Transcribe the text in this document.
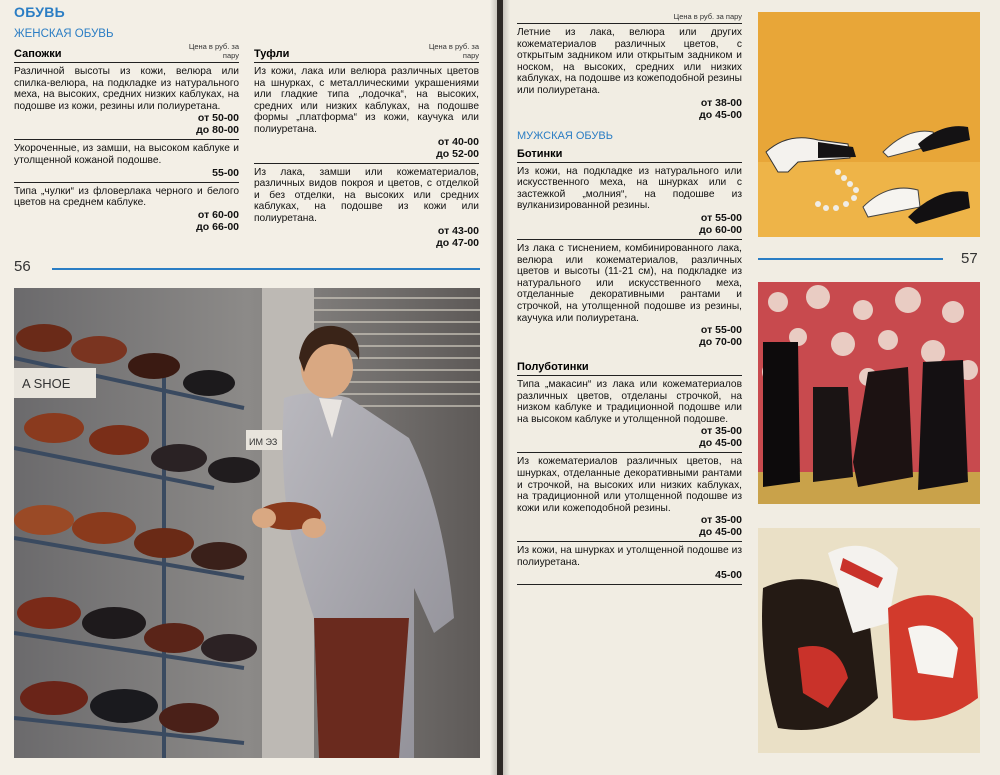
ОБУВЬ
ЖЕНСКАЯ ОБУВЬ
Сапожки
Цена в руб. за пару
Различной высоты из кожи, велюра или спилка-велюра, на подкладке из натурального меха, на высоких, средних низких каблуках, на подошве из кожи, резины или полиуретана.
от 50-00
до 80-00
Укороченные, из замши, на высоком каблуке и утолщенной кожаной подошве.
55-00
Типа „чулки“ из фловерлака черного и белого цветов на среднем каблуке.
от 60-00
до 66-00
Туфли
Цена в руб. за пару
Из кожи, лака или велюра различных цветов на шнурках, с металлическими украшениями или гладкие типа „лодочка“, на высоких, средних или низких каблуках, на подошве формы „платформа“ из кожи, каучука или полиуретана.
от 40-00
до 52-00
Из лака, замши или кожематериалов, различных видов покроя и цветов, с отделкой и без отделки, на высоких или средних каблуках, на подошве из кожи или полиуретана.
от 43-00
до 47-00
56
A SHOE
ИМ ЭЗ
Цена в руб. за пару
Летние из лака, велюра или других кожематериалов различных цветов, с открытым задником или открытым задником и носком, на высоких, средних или низких каблуках, на подошве из кожеподобной резины или полиуретана.
от 38-00
до 45-00
МУЖСКАЯ ОБУВЬ
Ботинки
Из кожи, на подкладке из натурального или искусственного меха, на шнурках или с застежкой „молния“, на подошве из вулканизированной резины.
от 55-00
до 60-00
Из лака с тиснением, комбинированного лака, велюра или кожематериалов, различных цветов и высоты (11-21 см), на подкладке из натурального или искусственного меха, отделанные декоративными рантами и строчкой, на утолщенной подошве из резины, каучука или полиуретана.
от 55-00
до 70-00
Полуботинки
Типа „макасин“ из лака или кожематериалов различных цветов, отделаны строчкой, на низком каблуке и традиционной подошве или на высоком каблуке и утолщенной подошве.
от 35-00
до 45-00
Из кожематериалов различных цветов, на шнурках, отделанные декоративными рантами и строчкой, на высоких или низких каблуках, на традиционной или утолщенной подошве из кожи или кожеподобной резины.
от 35-00
до 45-00
Из кожи, на шнурках и утолщенной подошве из полиуретана.
45-00
57
